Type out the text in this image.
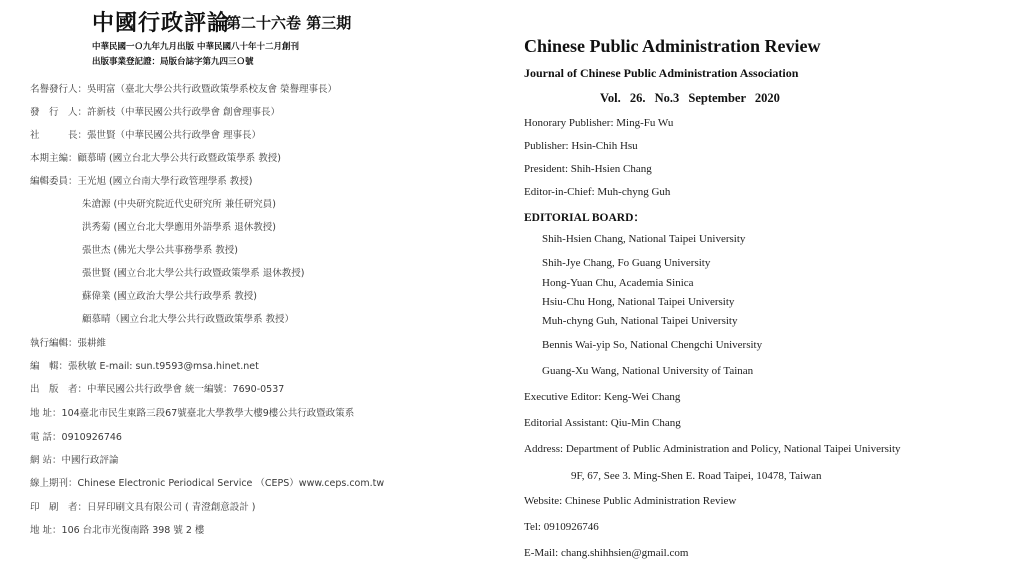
中國行政評論
第二十六卷 第三期
中華民國一Ｏ九年九月出版 中華民國八十年十二月創刊
出版事業登記證：局版台誌字第九四三Ｏ號
名譽發行人：吳明富（臺北大學公共行政暨政策學系校友會 榮譽理事長）
發　行　人：許新枝（中華民國公共行政學會 創會理事長）
社　　　長：張世賢（中華民國公共行政學會 理事長）
本期主編：顧慕晴 (國立台北大學公共行政暨政策學系 教授)
編輯委員：王光旭 (國立台南大學行政管理學系 教授)
朱滄源 (中央研究院近代史研究所 兼任研究員)
洪秀菊 (國立台北大學應用外語學系 退休教授)
張世杰 (佛光大學公共事務學系 教授)
張世賢 (國立台北大學公共行政暨政策學系 退休教授)
蘇偉業 (國立政治大學公共行政學系 教授)
顧慕晴（國立台北大學公共行政暨政策學系 教授）
執行編輯：張耕維
編　輯：張秋敏 E-mail: sun.t9593@msa.hinet.net
出　版　者：中華民國公共行政學會 統一編號：7690-0537
地 址：104臺北市民生東路三段67號臺北大學教學大樓9樓公共行政暨政策系
電 話：0910926746
網 站：中國行政評論
線上期刊：Chinese Electronic Periodical Service （CEPS）www.ceps.com.tw
印　刷　者：日昇印刷文具有限公司 ( 青澄創意設計 )
地 址：106 台北市光復南路 398 號 2 樓
Chinese Public Administration Review
Journal of Chinese Public Administration Association
Vol. 26. No.3 September 2020
Honorary Publisher: Ming-Fu Wu
Publisher: Hsin-Chih Hsu
President: Shih-Hsien Chang
Editor-in-Chief: Muh-chyng Guh
EDITORIAL BOARD：
Shih-Hsien Chang, National Taipei University
Shih-Jye Chang, Fo Guang University
Hong-Yuan Chu, Academia Sinica
Hsiu-Chu Hong, National Taipei University
Muh-chyng Guh, National Taipei University
Bennis Wai-yip So, National Chengchi University
Guang-Xu Wang, National University of Tainan
Executive Editor: Keng-Wei Chang
Editorial Assistant: Qiu-Min Chang
Address: Department of Public Administration and Policy, National Taipei University
9F, 67, See 3. Ming-Shen E. Road Taipei, 10478, Taiwan
Website: Chinese Public Administration Review
Tel: 0910926746
E-Mail: chang.shihhsien@gmail.com
